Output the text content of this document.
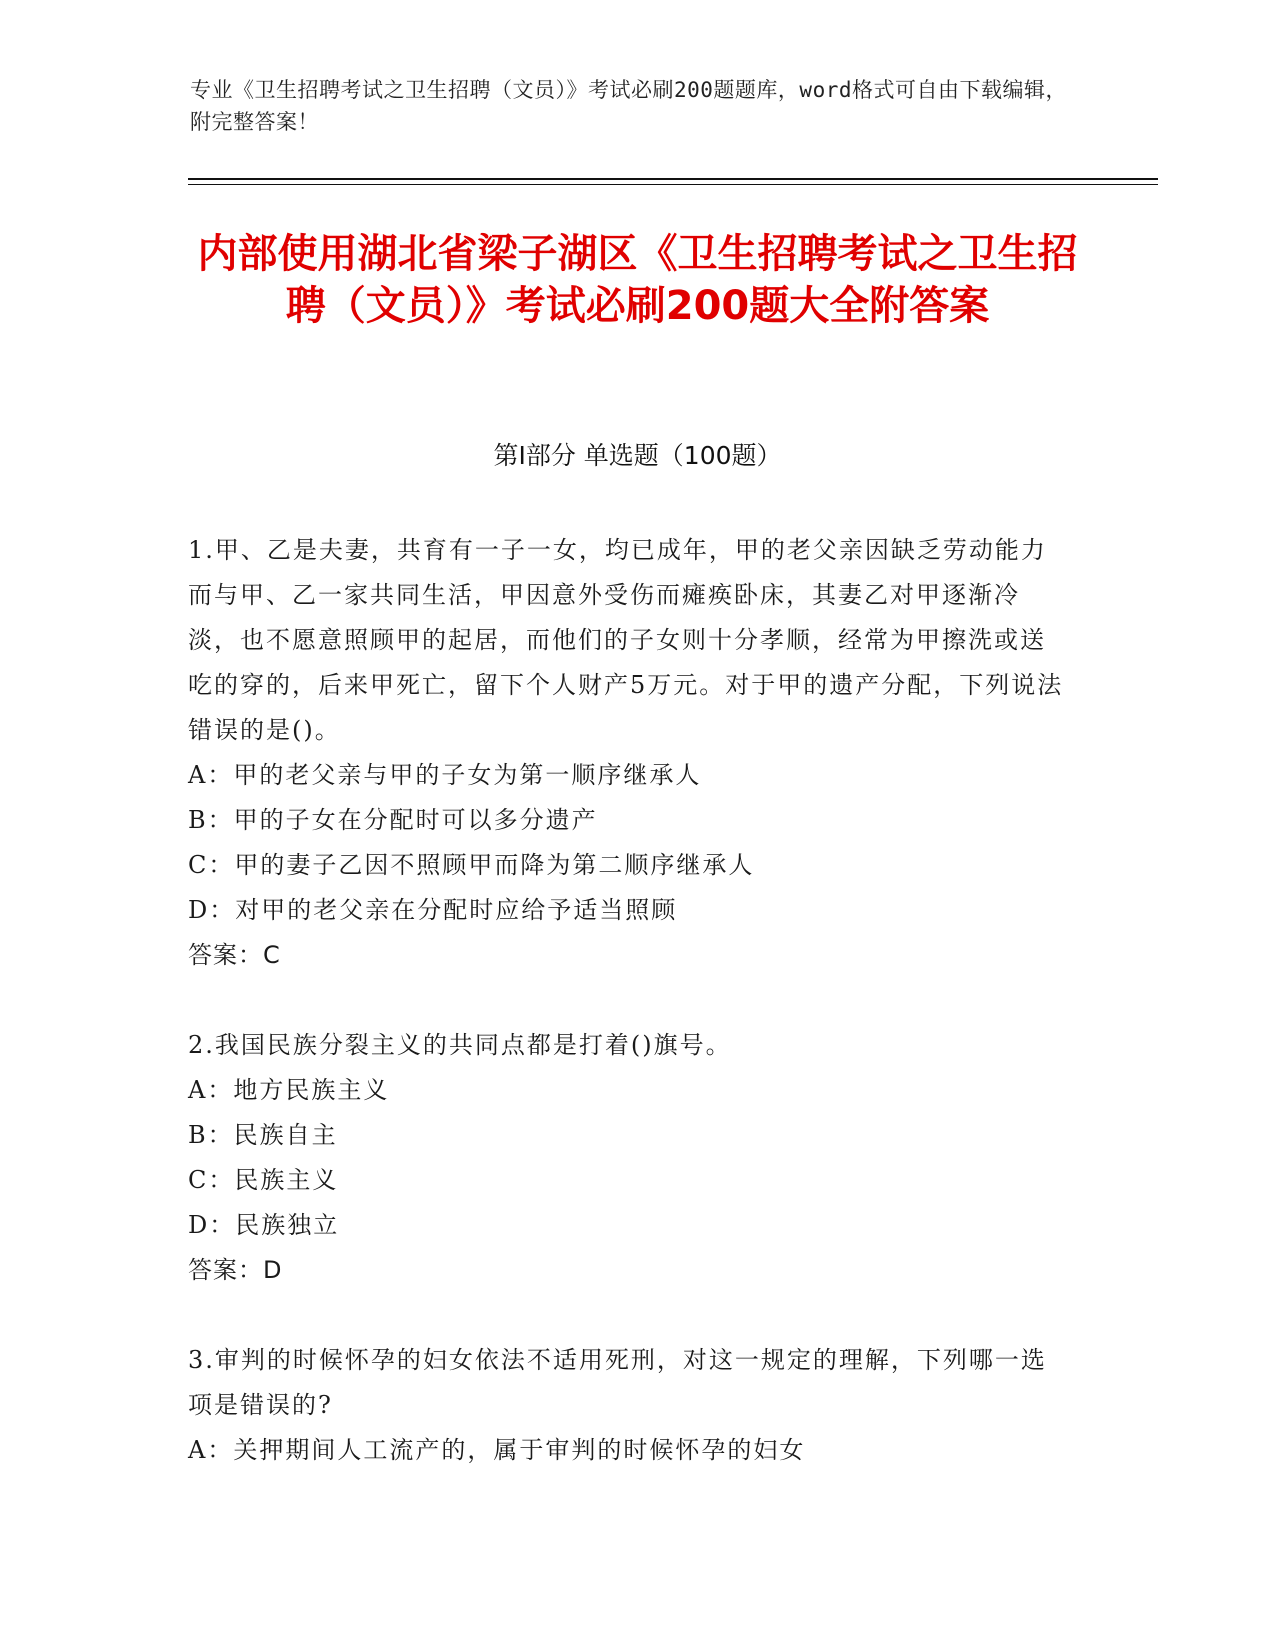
专业《卫生招聘考试之卫生招聘（文员）》考试必刷200题题库，word格式可自由下载编辑，附完整答案！
内部使用湖北省梁子湖区《卫生招聘考试之卫生招聘（文员）》考试必刷200题大全附答案
第Ⅰ部分 单选题（100题）
1.甲、乙是夫妻，共育有一子一女，均已成年，甲的老父亲因缺乏劳动能力而与甲、乙一家共同生活，甲因意外受伤而瘫痪卧床，其妻乙对甲逐渐冷淡，也不愿意照顾甲的起居，而他们的子女则十分孝顺，经常为甲擦洗或送吃的穿的，后来甲死亡，留下个人财产5万元。对于甲的遗产分配，下列说法错误的是()。
A：甲的老父亲与甲的子女为第一顺序继承人
B：甲的子女在分配时可以多分遗产
C：甲的妻子乙因不照顾甲而降为第二顺序继承人
D：对甲的老父亲在分配时应给予适当照顾
答案：C
2.我国民族分裂主义的共同点都是打着()旗号。
A：地方民族主义
B：民族自主
C：民族主义
D：民族独立
答案：D
3.审判的时候怀孕的妇女依法不适用死刑，对这一规定的理解，下列哪一选项是错误的?
A：关押期间人工流产的，属于审判的时候怀孕的妇女
